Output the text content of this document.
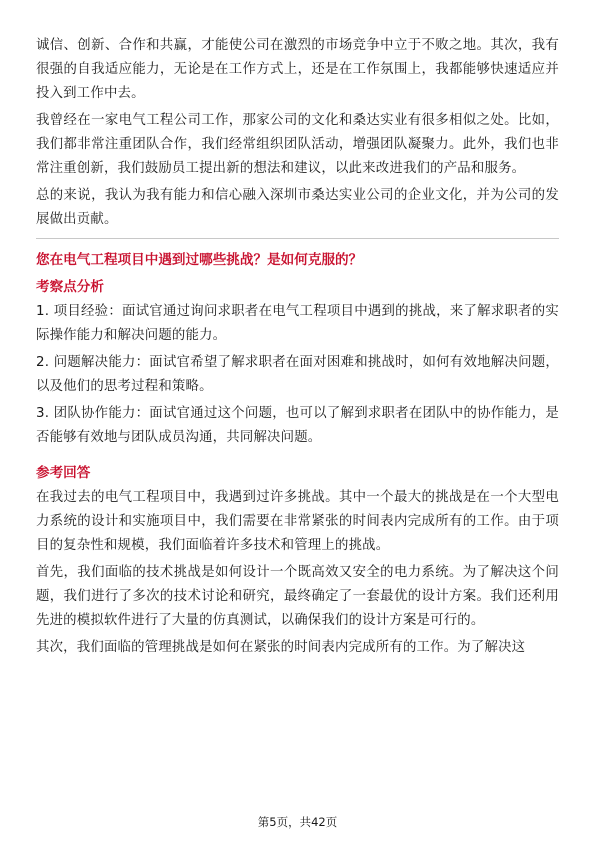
诚信、创新、合作和共赢，才能使公司在激烈的市场竞争中立于不败之地。其次，我有很强的自我适应能力，无论是在工作方式上，还是在工作氛围上，我都能够快速适应并投入到工作中去。

我曾经在一家电气工程公司工作，那家公司的文化和桑达实业有很多相似之处。比如，我们都非常注重团队合作，我们经常组织团队活动，增强团队凝聚力。此外，我们也非常注重创新，我们鼓励员工提出新的想法和建议，以此来改进我们的产品和服务。

总的来说，我认为我有能力和信心融入深圳市桑达实业公司的企业文化，并为公司的发展做出贡献。

您在电气工程项目中遇到过哪些挑战？是如何克服的？
考察点分析

1. 项目经验：面试官通过询问求职者在电气工程项目中遇到的挑战，来了解求职者的实际操作能力和解决问题的能力。

2. 问题解决能力：面试官希望了解求职者在面对困难和挑战时，如何有效地解决问题，以及他们的思考过程和策略。

3. 团队协作能力：面试官通过这个问题，也可以了解到求职者在团队中的协作能力，是否能够有效地与团队成员沟通，共同解决问题。

参考回答

在我过去的电气工程项目中，我遇到过许多挑战。其中一个最大的挑战是在一个大型电力系统的设计和实施项目中，我们需要在非常紧张的时间表内完成所有的工作。由于项目的复杂性和规模，我们面临着许多技术和管理上的挑战。

首先，我们面临的技术挑战是如何设计一个既高效又安全的电力系统。为了解决这个问题，我们进行了多次的技术讨论和研究，最终确定了一套最优的设计方案。我们还利用先进的模拟软件进行了大量的仿真测试，以确保我们的设计方案是可行的。

其次，我们面临的管理挑战是如何在紧张的时间表内完成所有的工作。为了解决这

第5页，共42页
